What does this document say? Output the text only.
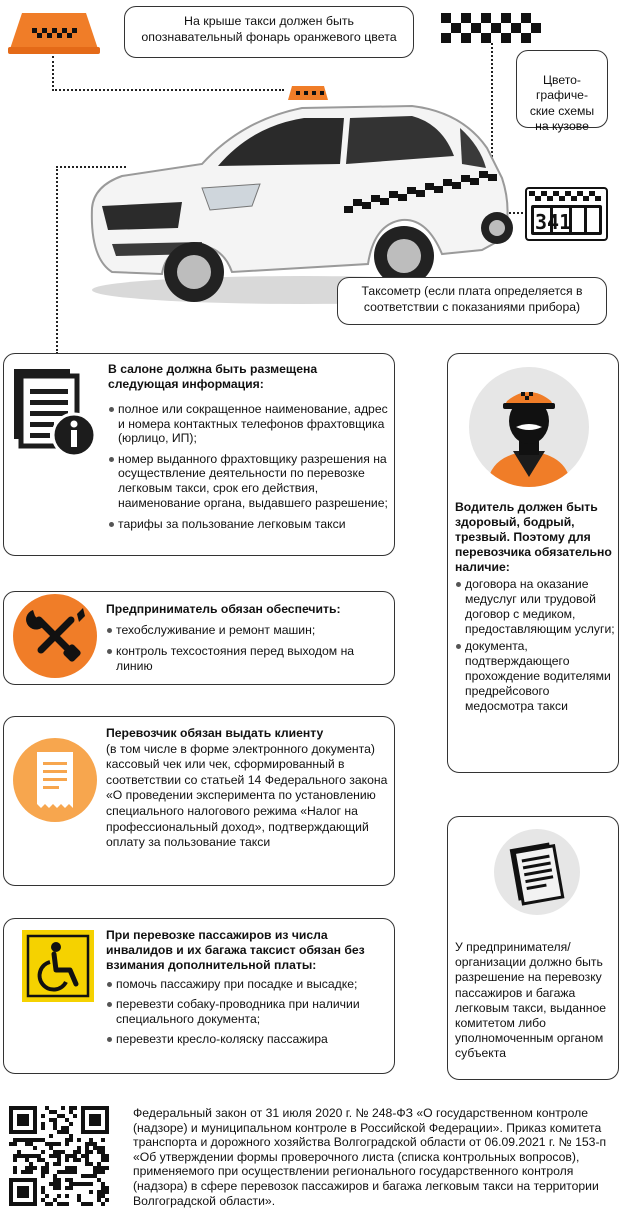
На крыше такси должен быть опознавательный фонарь оранжевого цвета

Цвето-
графиче-
ские схемы
на кузове

341
Таксометр (если плата определяется в соответствии с показаниями прибора)
В салоне должна быть размещена следующая информация:
полное или сокращенное наименование, адрес и номера контактных телефонов фрахтовщика (юрлицо, ИП);
номер выданного фрахтовщику разрешения на осуществление деятельности по перевозке легковым такси, срок его действия, наименование органа, выдавшего разрешение;
тарифы за пользование легковым такси
Водитель должен быть здоровый, бодрый, трезвый. Поэтому для перевозчика обязательно наличие:
договора на оказание медуслуг или трудовой договор с медиком, предоставляющим услуги;
документа, подтверждающего прохождение водителями предрейсового медосмотра такси
Предприниматель обязан обеспечить:
техобслуживание и ремонт машин;
контроль техсостояния перед выходом на линию
Перевозчик обязан выдать клиенту
(в том числе в форме электронного документа) кассовый чек или чек, сформированный в соответствии со статьей 14 Федерального закона «О проведении эксперимента по установлению специального налогового режима «Налог на профессиональный доход», подтверждающий оплату за пользование такси
При перевозке пассажиров из числа инвалидов и их багажа таксист обязан без взимания дополнительной платы:
помочь пассажиру при посадке и высадке;
перевезти собаку-проводника при наличии специального документа;
перевезти кресло-коляску пассажира
У предпринимателя/ организации должно быть разрешение на перевозку пассажиров и багажа легковым такси, выданное комитетом либо уполномоченным органом субъекта
Федеральный закон от 31 июля 2020 г. № 248-ФЗ «О государственном контроле (надзоре) и муниципальном контроле в Российской Федерации». Приказ комитета транспорта и дорожного хозяйства Волгоградской области от 06.09.2021 г. № 153-п «Об утверждении формы проверочного листа (списка контрольных вопросов), применяемого при осуществлении регионального государственного контроля (надзора) в сфере перевозок пассажиров и багажа легковым такси на территории Волгоградской области».
